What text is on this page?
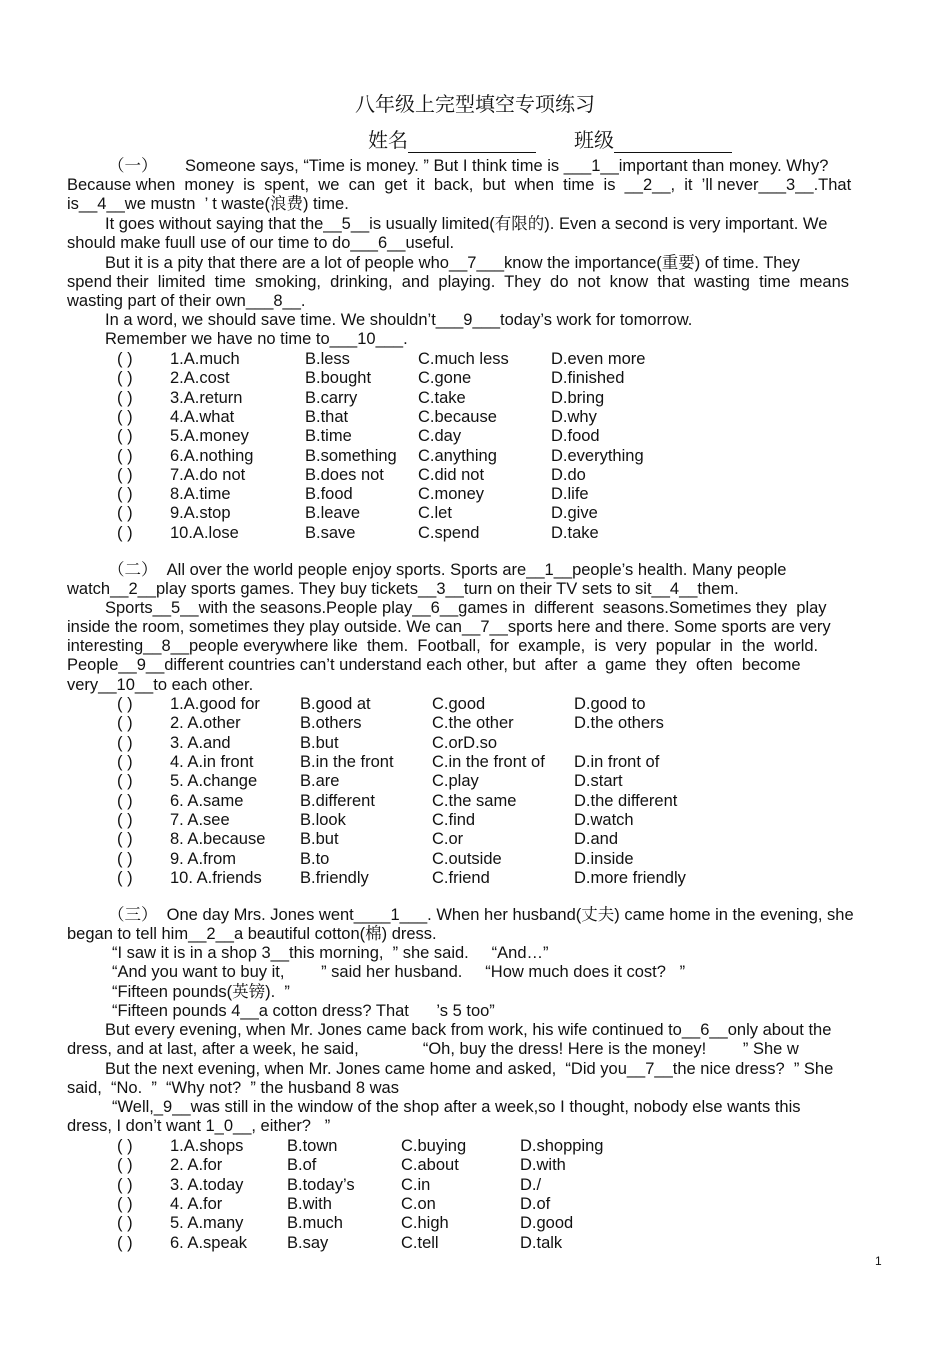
八年级上完型填空专项练习
姓名	班级
（一）      Someone says, “Time is money. ” But I think time is ___1__important than money. Why?
Because when  money  is  spent,  we  can  get  it  back,  but  when  time  is  __2__,  it  ’ll never___3__.That
is__4__we mustn  ’ t waste(浪费) time.
It goes without saying that the__5__is usually limited(有限的). Even a second is very important. We
should make fuull use of our time to do___6__useful.
But it is a pity that there are a lot of people who__7___know the importance(重要) of time. They
spend their  limited  time  smoking,  drinking,  and  playing.  They  do  not  know  that  wasting  time  means
wasting part of their own___8__.
In a word, we should save time. We shouldn’t___9___today’s work for tomorrow.
Remember we have no time to___10___.
( ) 1.A.much	B.less	C.much less	D.even more
( ) 2.A.cost	B.bought	C.gone	D.finished
( ) 3.A.return	B.carry	C.take	D.bring
( ) 4.A.what	B.that	C.because	D.why
( ) 5.A.money	B.time	C.day	D.food
( ) 6.A.nothing	B.something C.anything	D.everything
( ) 7.A.do not	B.does not C.did not	D.do
( ) 8.A.time	B.food	C.money	D.life
( ) 9.A.stop	B.leave	C.let	D.give
( ) 10.A.lose	B.save	C.spend	D.take
（二）  All over the world people enjoy sports. Sports are__1__people’s health. Many people
watch__2__play sports games. They buy tickets__3__turn on their TV sets to sit__4__them.
Sports__5__with the seasons.People play__6__games in  different  seasons.Sometimes they  play
inside the room, sometimes they play outside. We can__7__sports here and there. Some sports are very
interesting__8__people everywhere like  them.  Football,  for  example,  is  very  popular  in  the  world.
People__9__different countries can’t understand each other, but  after  a  game  they  often  become
very__10__to each other.
( ) 1.A.good for B.good at	C.good	D.good to
( ) 2. A.other	B.others	C.the other	D.the others
( ) 3. A.and	B.but	C.orD.so
( ) 4. A.in front	B.in the front C.in the front of D.in front of
( ) 5. A.change	B.are	C.play	D.start
( ) 6. A.same	B.different	C.the same	D.the different
( ) 7. A.see	B.look	C.find	D.watch
( ) 8. A.because B.but	C.or	D.and
( ) 9. A.from	B.to	C.outside	D.inside
( ) 10. A.friends B.friendly	C.friend	D.more friendly
（三）  One day Mrs. Jones went____1___. When her husband(丈夫) came home in the evening, she
began to tell him__2__a beautiful cotton(棉) dress.
“I saw it is in a shop 3__this morning,  ” she said.     “And…”
“And you want to buy it,        ” said her husband.     “How much does it cost?   ”
“Fifteen pounds(英镑).  ”
“Fifteen pounds 4__a cotton dress? That      ’s 5 too”
But every evening, when Mr. Jones came back from work, his wife continued to__6__only about the
dress, and at last, after a week, he said,              “Oh, buy the dress! Here is the money!        ” She w
But the next evening, when Mr. Jones came home and asked,  “Did you__7__the nice dress?  ” She
said,  “No.  ”  “Why not?  ” the husband 8 was
“Well,_9__was still in the window of the shop after a week,so I thought, nobody else wants this
dress, I don’t want 1_0__, either?   ”
( ) 1.A.shops	B.town	C.buying	D.shopping
( ) 2. A.for	B.of	C.about	D.with
( ) 3. A.today	B.today’s	C.in	D./
( ) 4. A.for	B.with	C.on	D.of
( ) 5. A.many	B.much	C.high	D.good
( ) 6. A.speak B.say	C.tell	D.talk
1
